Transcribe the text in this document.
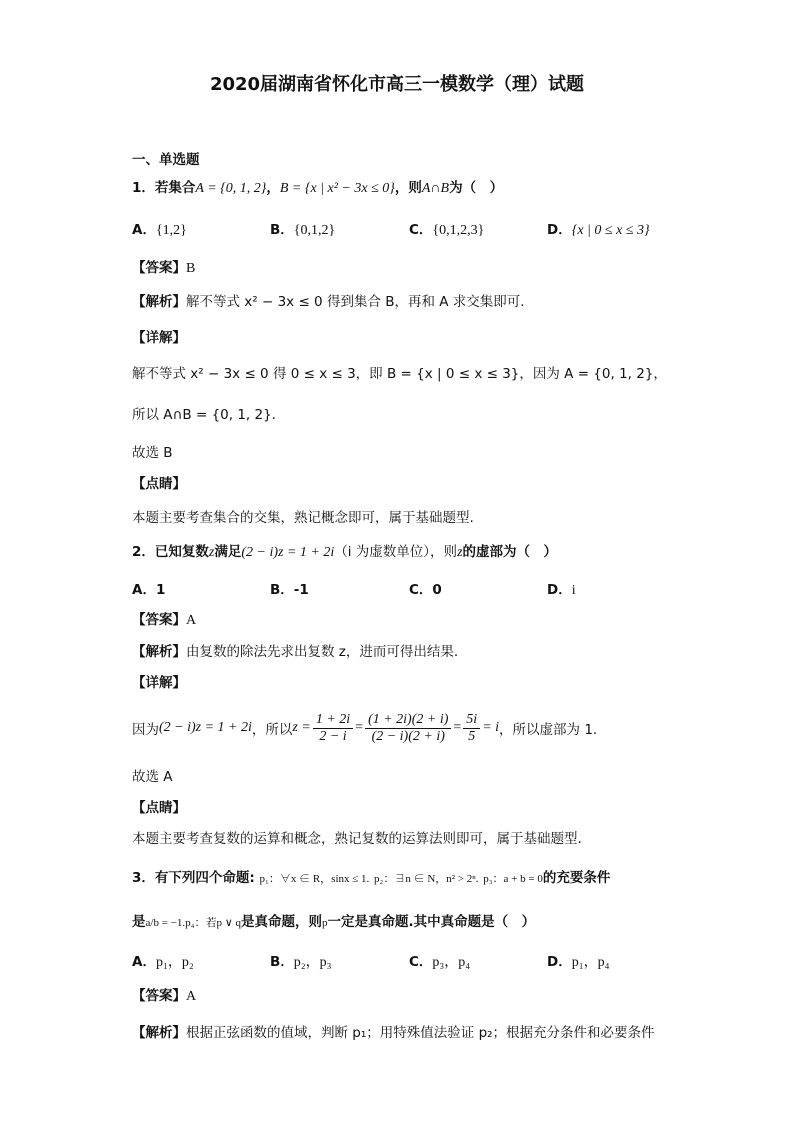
2020届湖南省怀化市高三一模数学（理）试题
一、单选题
1．若集合A = {0, 1, 2}，B = {x | x² − 3x ≤ 0}，则A∩B为（　）
A．{1,2}	B．{0,1,2}	C．{0,1,2,3}	D．{x | 0 ≤ x ≤ 3}
【答案】B
【解析】解不等式 x² − 3x ≤ 0 得到集合 B，再和 A 求交集即可.
【详解】
解不等式 x² − 3x ≤ 0 得 0 ≤ x ≤ 3，即 B = {x | 0 ≤ x ≤ 3}，因为 A = {0, 1, 2}，
所以 A∩B = {0, 1, 2}.
故选 B
【点睛】
本题主要考查集合的交集，熟记概念即可，属于基础题型.
2．已知复数z满足(2 − i)z = 1 + 2i（i 为虚数单位），则z的虚部为（　）
A．1	B．-1	C．0	D．i
【答案】A
【解析】由复数的除法先求出复数 z，进而可得出结果.
【详解】
因为 (2 − i)z = 1 + 2i ，所以 $z = \frac{1 + 2i}{2 - i} = \frac{(1 + 2i)(2 + i)}{(2 - i)(2 + i)} = \frac{5i}{5} = i$ ，所以虚部为 1.
故选 A
【点睛】
本题主要考查复数的运算和概念，熟记复数的运算法则即可，属于基础题型.
3．有下列四个命题: p₁：∀x ∈ R，sinx ≤ 1. p₂：∃n ∈ N，n² > 2ⁿ. p₃：a + b = 0的充要条件
是a/b = −1.p₄：若p ∨ q是真命题，则p一定是真命题.其中真命题是（　）
A．p₁，p₂	B．p₂，p₃	C．p₃，p₄	D．p₁，p₄
【答案】A
【解析】根据正弦函数的值域，判断 p₁；用特殊值法验证 p₂；根据充分条件和必要条件
